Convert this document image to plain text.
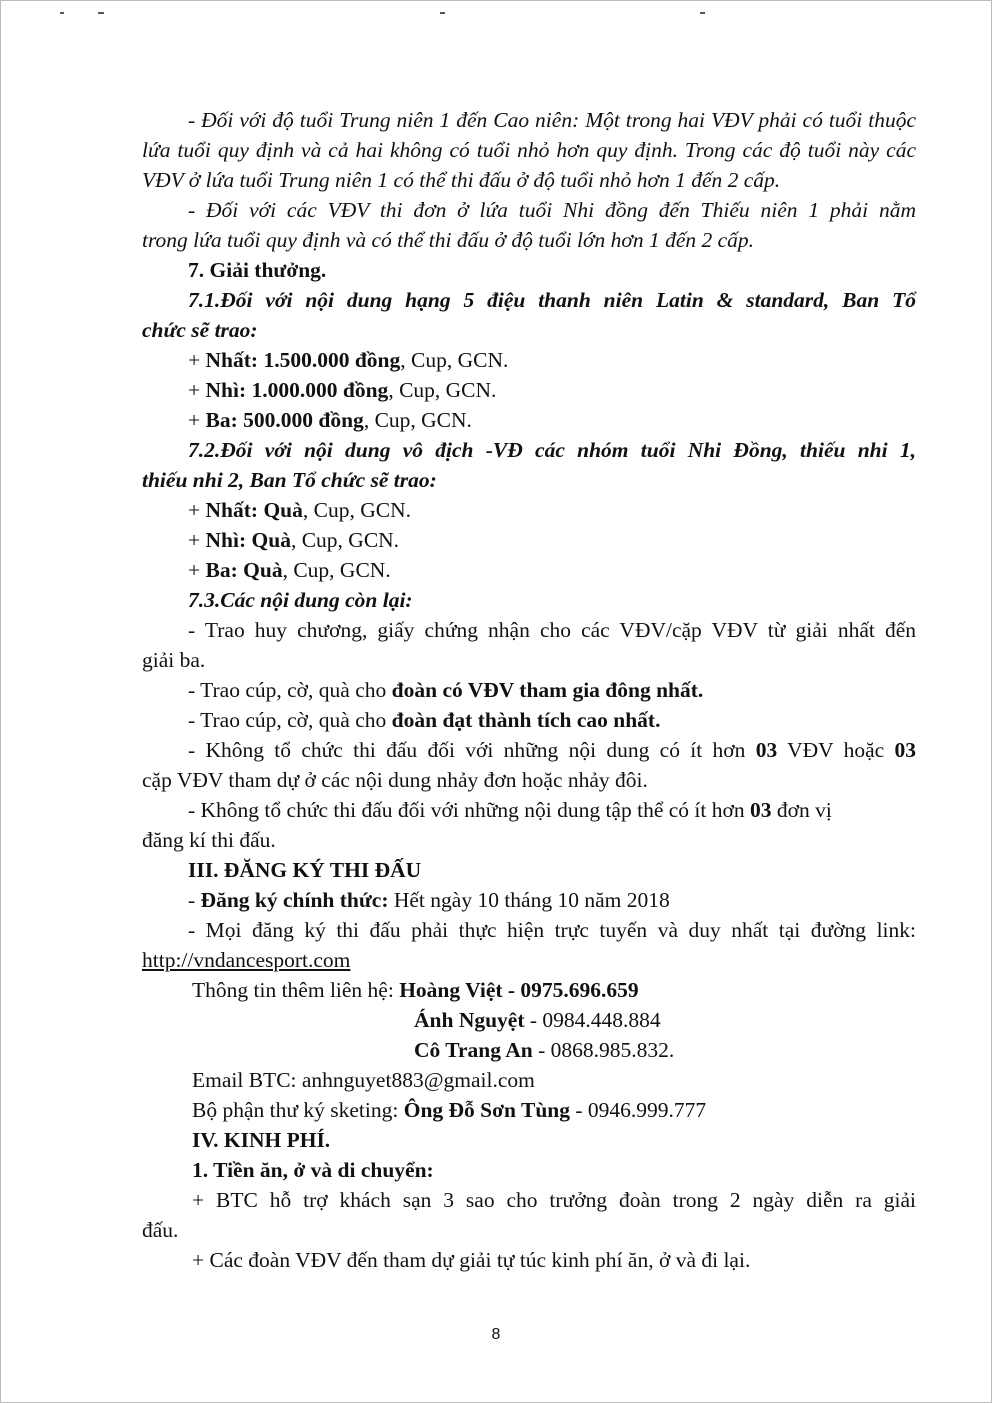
- Đối với độ tuổi Trung niên 1 đến Cao niên: Một trong hai VĐV phải có tuổi thuộc
lứa tuổi quy định và cả hai không có tuổi nhỏ hơn quy định. Trong các độ tuổi này các
VĐV ở lứa tuổi Trung niên 1 có thể thi đấu ở độ tuổi nhỏ hơn 1 đến 2 cấp.
- Đối với các VĐV thi đơn ở lứa tuổi Nhi đồng đến Thiếu niên 1 phải nằm
trong lứa tuổi quy định và có thể thi đấu ở độ tuổi lớn hơn 1 đến 2 cấp.
7. Giải thưởng.
7.1.Đối với nội dung hạng 5 điệu thanh niên Latin & standard, Ban Tổ
chức sẽ trao:
+ Nhất: 1.500.000 đồng, Cup, GCN.
+ Nhì: 1.000.000 đồng, Cup, GCN.
+ Ba: 500.000 đồng, Cup, GCN.
7.2.Đối với nội dung vô địch -VĐ các nhóm tuổi Nhi Đồng, thiếu nhi 1,
thiếu nhi 2, Ban Tổ chức sẽ trao:
+ Nhất: Quà, Cup, GCN.
+ Nhì: Quà, Cup, GCN.
+ Ba: Quà, Cup, GCN.
7.3.Các nội dung còn lại:
- Trao huy chương, giấy chứng nhận cho các VĐV/cặp VĐV từ giải nhất đến
giải ba.
- Trao cúp, cờ, quà cho đoàn có VĐV tham gia đông nhất.
- Trao cúp, cờ, quà cho đoàn đạt thành tích cao nhất.
- Không tổ chức thi đấu đối với những nội dung có ít hơn 03 VĐV hoặc 03
cặp VĐV tham dự ở các nội dung nhảy đơn hoặc nhảy đôi.
- Không tổ chức thi đấu đối với những nội dung tập thể có ít hơn 03 đơn vị
đăng kí thi đấu.
III. ĐĂNG KÝ THI ĐẤU
- Đăng ký chính thức: Hết ngày 10 tháng 10 năm 2018
- Mọi đăng ký thi đấu phải thực hiện trực tuyến và duy nhất tại đường link:
http://vndancesport.com
Thông tin thêm liên hệ: Hoàng Việt - 0975.696.659
Ánh Nguyệt - 0984.448.884
Cô Trang An - 0868.985.832.
Email BTC: anhnguyet883@gmail.com
Bộ phận thư ký sketing: Ông Đỗ Sơn Tùng - 0946.999.777
IV. KINH PHÍ.
1. Tiền ăn, ở và di chuyển:
+ BTC hỗ trợ khách sạn 3 sao cho trưởng đoàn trong 2 ngày diễn ra giải
đấu.
+ Các đoàn VĐV đến tham dự giải tự túc kinh phí ăn, ở và đi lại.
8
